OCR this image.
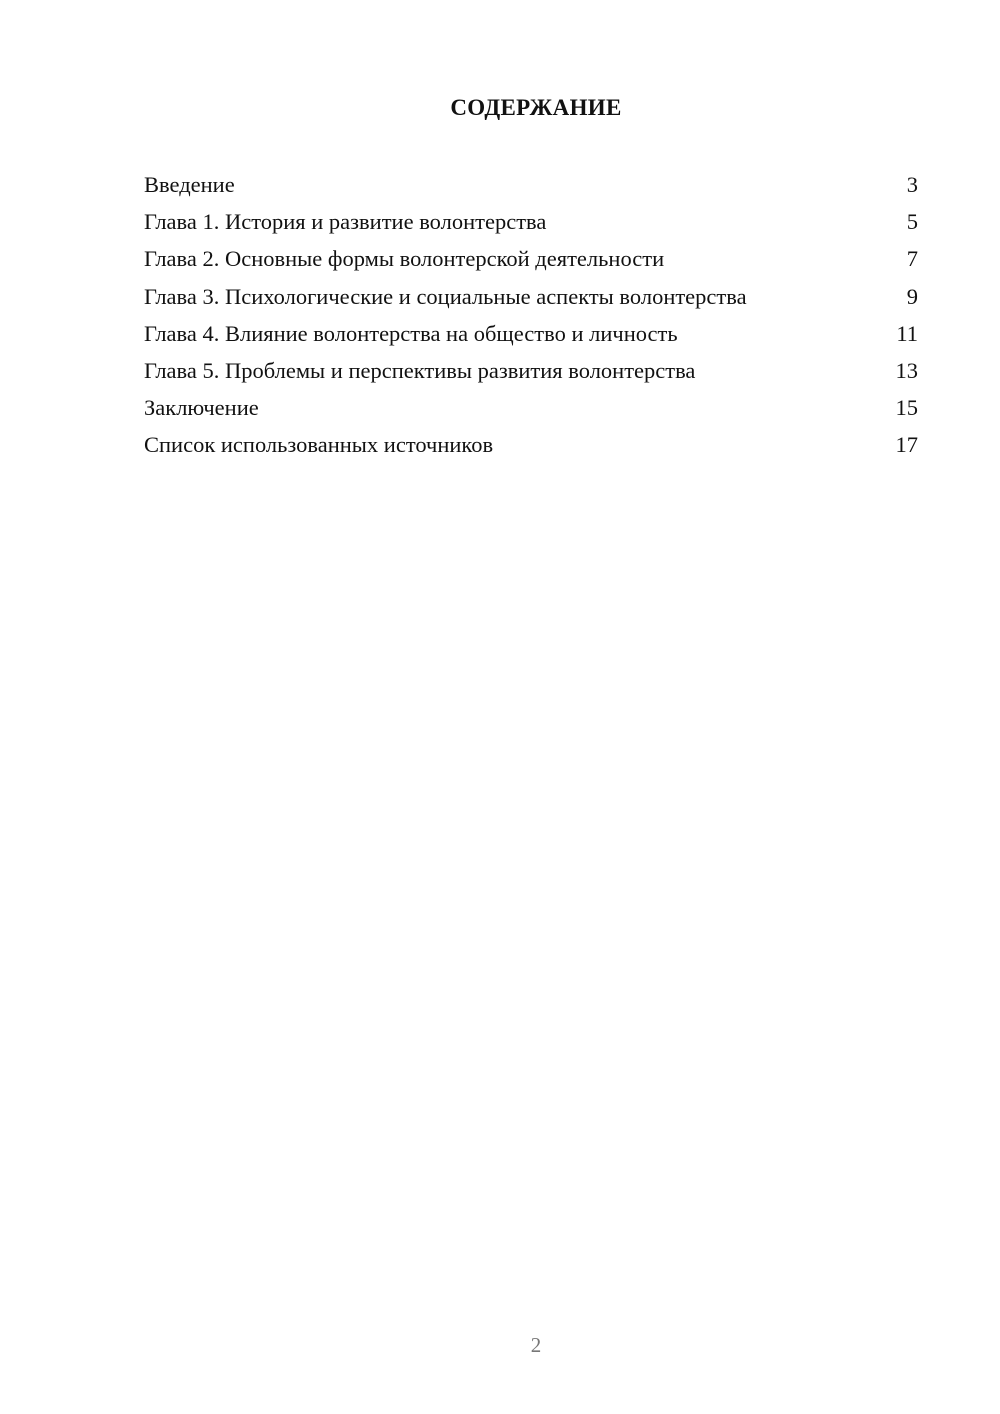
СОДЕРЖАНИЕ
Введение	3
Глава 1. История и развитие волонтерства	5
Глава 2. Основные формы волонтерской деятельности	7
Глава 3. Психологические и социальные аспекты волонтерства	9
Глава 4. Влияние волонтерства на общество и личность	11
Глава 5. Проблемы и перспективы развития волонтерства	13
Заключение	15
Список использованных источников	17
2
